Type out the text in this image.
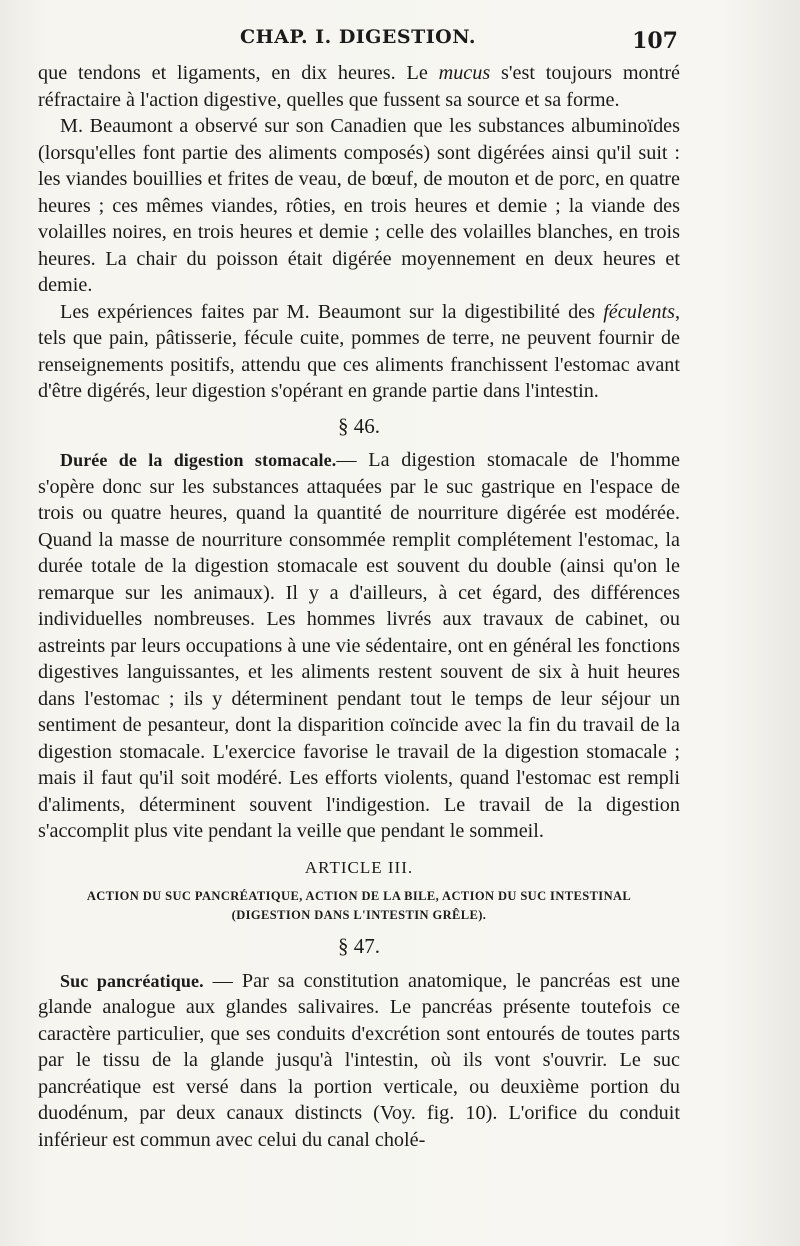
CHAP. I. DIGESTION.	107

que tendons et ligaments, en dix heures. Le mucus s'est toujours montré réfractaire à l'action digestive, quelles que fussent sa source et sa forme.

M. Beaumont a observé sur son Canadien que les substances albuminoïdes (lorsqu'elles font partie des aliments composés) sont digérées ainsi qu'il suit : les viandes bouillies et frites de veau, de bœuf, de mouton et de porc, en quatre heures ; ces mêmes viandes, rôties, en trois heures et demie ; la viande des volailles noires, en trois heures et demie ; celle des volailles blanches, en trois heures. La chair du poisson était digérée moyennement en deux heures et demie.

Les expériences faites par M. Beaumont sur la digestibilité des féculents, tels que pain, pâtisserie, fécule cuite, pommes de terre, ne peuvent fournir de renseignements positifs, attendu que ces aliments franchissent l'estomac avant d'être digérés, leur digestion s'opérant en grande partie dans l'intestin.

§ 46.

Durée de la digestion stomacale.— La digestion stomacale de l'homme s'opère donc sur les substances attaquées par le suc gastrique en l'espace de trois ou quatre heures, quand la quantité de nourriture digérée est modérée. Quand la masse de nourriture consommée remplit complétement l'estomac, la durée totale de la digestion stomacale est souvent du double (ainsi qu'on le remarque sur les animaux). Il y a d'ailleurs, à cet égard, des différences individuelles nombreuses. Les hommes livrés aux travaux de cabinet, ou astreints par leurs occupations à une vie sédentaire, ont en général les fonctions digestives languissantes, et les aliments restent souvent de six à huit heures dans l'estomac ; ils y déterminent pendant tout le temps de leur séjour un sentiment de pesanteur, dont la disparition coïncide avec la fin du travail de la digestion stomacale. L'exercice favorise le travail de la digestion stomacale ; mais il faut qu'il soit modéré. Les efforts violents, quand l'estomac est rempli d'aliments, déterminent souvent l'indigestion. Le travail de la digestion s'accomplit plus vite pendant la veille que pendant le sommeil.

ARTICLE III.
ACTION DU SUC PANCRÉATIQUE, ACTION DE LA BILE, ACTION DU SUC INTESTINAL
(DIGESTION DANS L'INTESTIN GRÊLE).
§ 47.

Suc pancréatique. — Par sa constitution anatomique, le pancréas est une glande analogue aux glandes salivaires. Le pancréas présente toutefois ce caractère particulier, que ses conduits d'excrétion sont entourés de toutes parts par le tissu de la glande jusqu'à l'intestin, où ils vont s'ouvrir. Le suc pancréatique est versé dans la portion verticale, ou deuxième portion du duodénum, par deux canaux distincts (Voy. fig. 10). L'orifice du conduit inférieur est commun avec celui du canal cholé-
